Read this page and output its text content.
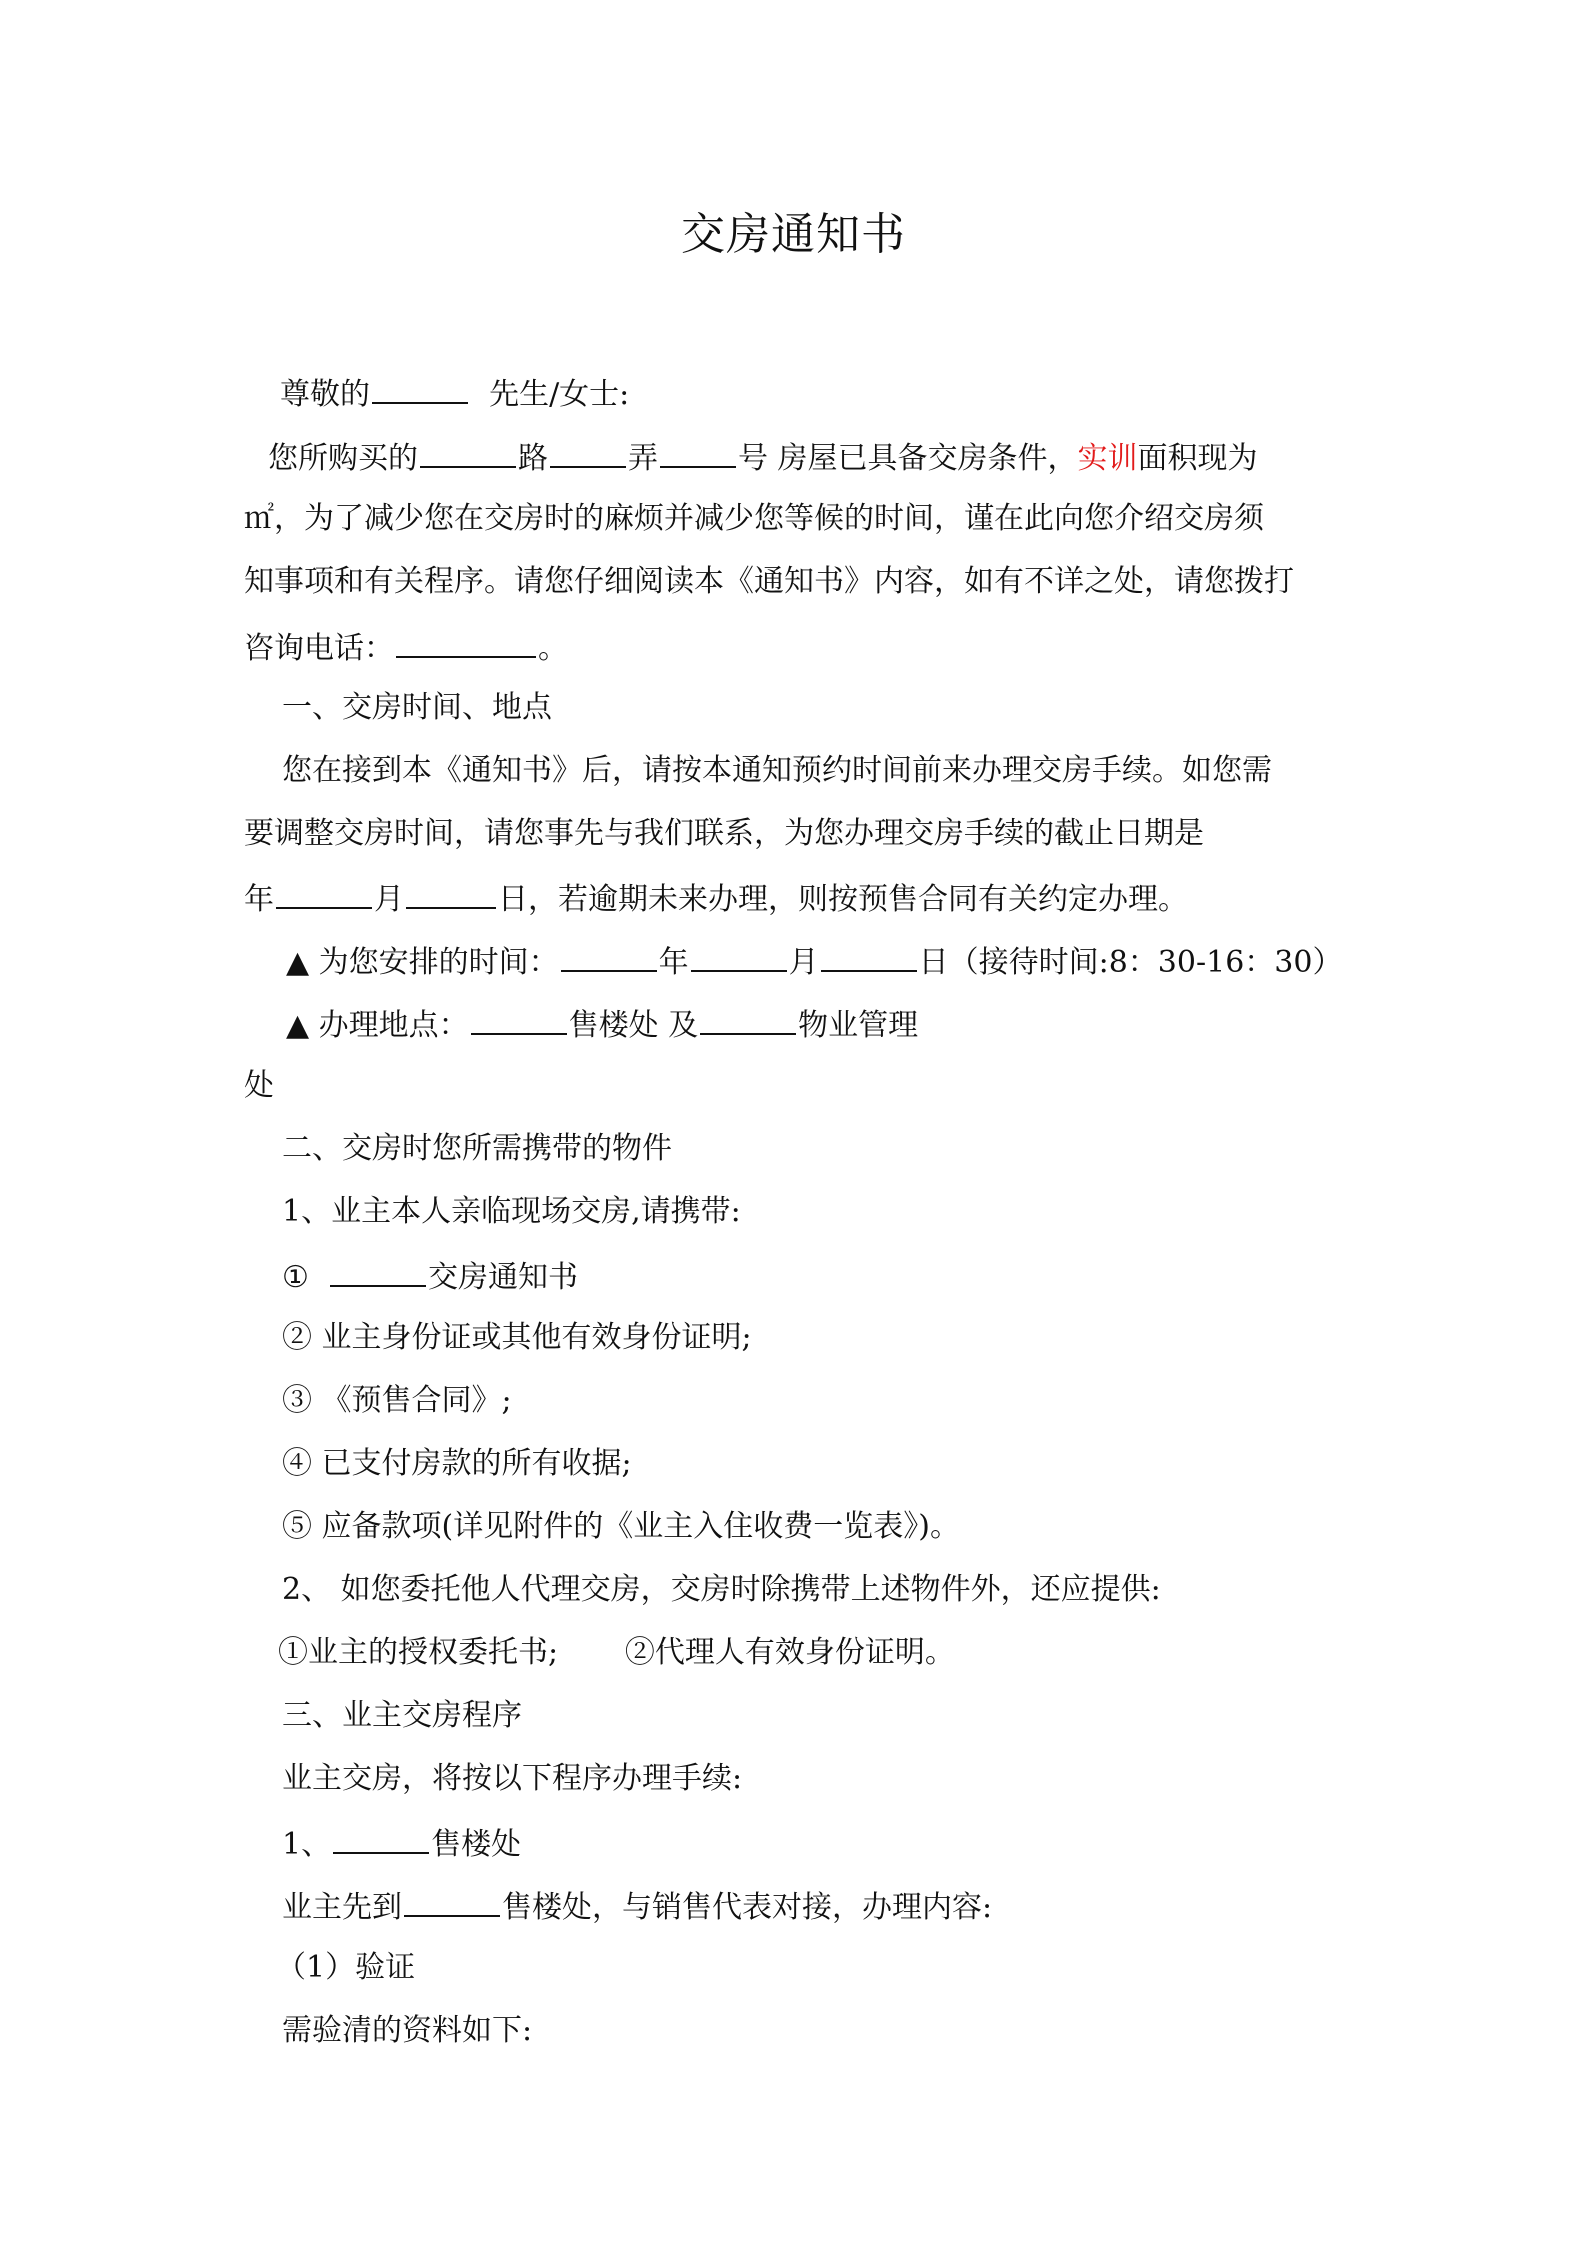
交房通知书
尊敬的	先生/女士:
您所购买的	路	弄	号 房屋已具备交房条件，实训面积现为
㎡，为了减少您在交房时的麻烦并减少您等候的时间，谨在此向您介绍交房须
知事项和有关程序。请您仔细阅读本《通知书》内容，如有不详之处，请您拨打
咨询电话：	。
一、交房时间、地点
您在接到本《通知书》后，请按本通知预约时间前来办理交房手续。如您需
要调整交房时间，请您事先与我们联系，为您办理交房手续的截止日期是
年	月	日，若逾期未来办理，则按预售合同有关约定办理。
▲ 为您安排的时间：	年	月	日（接待时间:8：30-16：30）
▲ 办理地点：	售楼处 及	物业管理
处
二、交房时您所需携带的物件
1、业主本人亲临现场交房,请携带:
①	交房通知书
② 业主身份证或其他有效身份证明;
③ 《预售合同》;
④ 已支付房款的所有收据;
⑤ 应备款项(详见附件的《业主入住收费一览表》)。
2、 如您委托他人代理交房，交房时除携带上述物件外，还应提供:
①业主的授权委托书; ②代理人有效身份证明。
三、业主交房程序
业主交房，将按以下程序办理手续:
1、	售楼处
业主先到	售楼处，与销售代表对接，办理内容:
（1）验证
需验清的资料如下:
